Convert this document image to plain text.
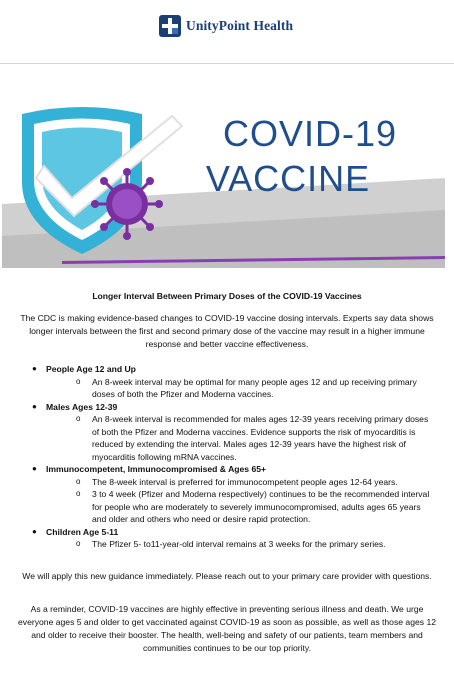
UnityPoint Health
COVID-19
VACCINE
Longer Interval Between Primary Doses of the COVID-19 Vaccines
The CDC is making evidence-based changes to COVID-19 vaccine dosing intervals. Experts say data shows longer intervals between the first and second primary dose of the vaccine may result in a higher immune response and better vaccine effectiveness.
● People Age 12 and Up
o An 8-week interval may be optimal for many people ages 12 and up receiving primary doses of both the Pfizer and Moderna vaccines.
● Males Ages 12-39
o An 8-week interval is recommended for males ages 12-39 years receiving primary doses of both the Pfizer and Moderna vaccines. Evidence supports the risk of myocarditis is reduced by extending the interval. Males ages 12-39 years have the highest risk of myocarditis following mRNA vaccines.
● Immunocompetent, Immunocompromised & Ages 65+
o The 8-week interval is preferred for immunocompetent people ages 12-64 years.
o 3 to 4 week (Pfizer and Moderna respectively) continues to be the recommended interval for people who are moderately to severely immunocompromised, adults ages 65 years and older and others who need or desire rapid protection.
● Children Age 5-11
o The Pfizer 5- to11-year-old interval remains at 3 weeks for the primary series.
We will apply this new guidance immediately. Please reach out to your primary care provider with questions.
As a reminder, COVID-19 vaccines are highly effective in preventing serious illness and death. We urge everyone ages 5 and older to get vaccinated against COVID-19 as soon as possible, as well as those ages 12 and older to receive their booster. The health, well-being and safety of our patients, team members and communities continues to be our top priority.
